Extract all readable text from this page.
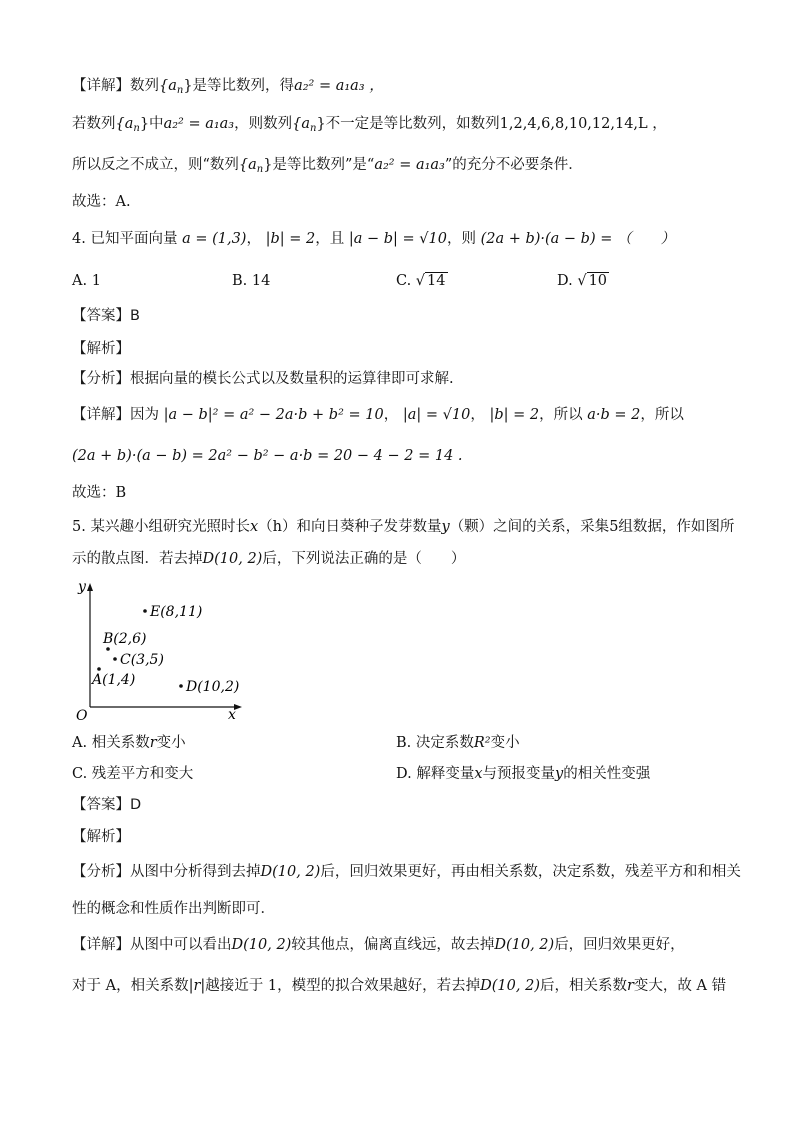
【详解】数列$\{a_n\}$是等比数列，得a₂² = a₁a₃ ，
若数列$\{a_n\}$中a₂² = a₁a₃，则数列$\{a_n\}$不一定是等比数列，如数列1,2,4,6,8,10,12,14,L ，
所以反之不成立，则“数列$\{a_n\}$是等比数列”是“a₂² = a₁a₃”的充分不必要条件．
故选：A.
4. 已知平面向量 a = (1,3)， |b| = 2，且 |a − b| = √10，则 (2a + b)·(a − b) = （　　）
A. 1	B. 14	C. √ 14	D. √ 10
【答案】B
【解析】
【分析】根据向量的模长公式以及数量积的运算律即可求解.
【详解】因为 |a − b|² = a² − 2a·b + b² = 10， |a| = √10， |b| = 2，所以 a·b = 2，所以
(2a + b)·(a − b) = 2a² − b² − a·b = 20 − 4 − 2 = 14 .
故选：B
5. 某兴趣小组研究光照时长x（h）和向日葵种子发芽数量y（颗）之间的关系，采集5组数据，作如图所
示的散点图．若去掉D(10, 2)后，下列说法正确的是（　　）
y
x
O
E(8,11)
B(2,6)
C(3,5)
A(1,4)	D(10,2)
A. 相关系数r变小	B. 决定系数R²变小
C. 残差平方和变大	D. 解释变量x与预报变量y的相关性变强
【答案】D
【解析】
【分析】从图中分析得到去掉D(10, 2)后，回归效果更好，再由相关系数，决定系数，残差平方和和相关
性的概念和性质作出判断即可．
【详解】从图中可以看出D(10, 2)较其他点，偏离直线远，故去掉D(10, 2)后，回归效果更好，
对于 A，相关系数|r|越接近于 1，模型的拟合效果越好，若去掉D(10, 2)后，相关系数r变大，故 A 错
